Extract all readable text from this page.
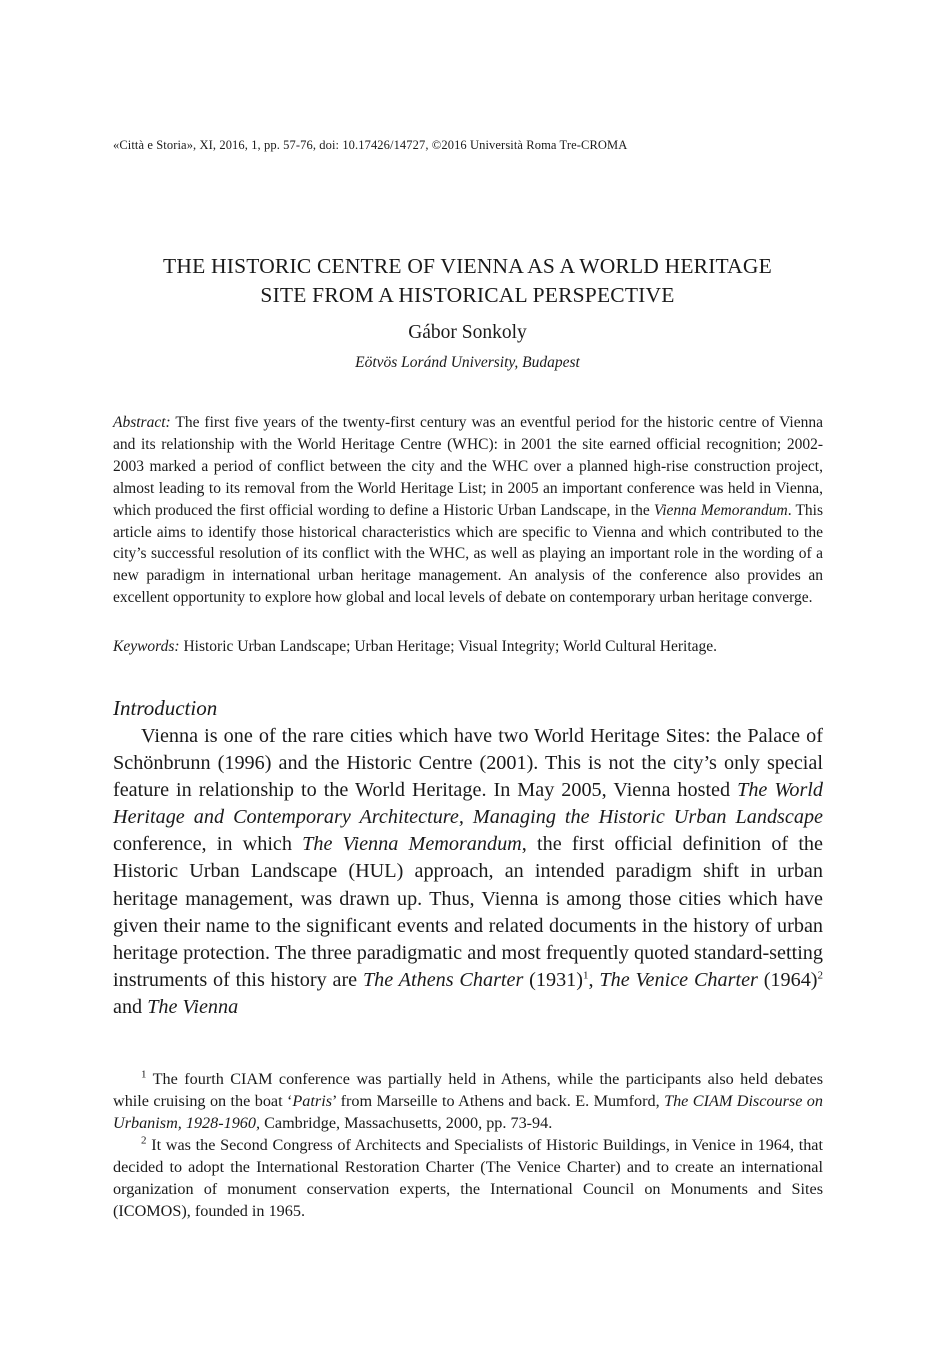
«Città e Storia», XI, 2016, 1, pp. 57-76, doi: 10.17426/14727, ©2016 Università Roma Tre-CROMA
THE HISTORIC CENTRE OF VIENNA AS A WORLD HERITAGE
SITE FROM A HISTORICAL PERSPECTIVE
Gábor Sonkoly
Eötvös Loránd University, Budapest
Abstract: The first five years of the twenty-first century was an eventful period for the historic centre of Vienna and its relationship with the World Heritage Centre (WHC): in 2001 the site earned official recognition; 2002-2003 marked a period of conflict between the city and the WHC over a planned high-rise construction project, almost leading to its removal from the World Heritage List; in 2005 an important conference was held in Vienna, which produced the first official wording to define a Historic Urban Landscape, in the Vienna Memorandum. This article aims to identify those historical characteristics which are specific to Vienna and which contributed to the city’s successful resolution of its conflict with the WHC, as well as playing an important role in the wording of a new paradigm in international urban heritage management. An analysis of the conference also provides an excellent opportunity to explore how global and local levels of debate on contemporary urban heritage converge.
Keywords: Historic Urban Landscape; Urban Heritage; Visual Integrity; World Cultural Heritage.
Introduction

Vienna is one of the rare cities which have two World Heritage Sites: the Palace of Schönbrunn (1996) and the Historic Centre (2001). This is not the city’s only special feature in relationship to the World Heritage. In May 2005, Vienna hosted The World Heritage and Contemporary Architecture, Managing the Historic Urban Landscape conference, in which The Vienna Memorandum, the first official definition of the Historic Urban Landscape (HUL) approach, an intended paradigm shift in urban heritage management, was drawn up. Thus, Vienna is among those cities which have given their name to the significant events and related documents in the history of urban heritage protection. The three paradigmatic and most frequently quoted standard-setting instruments of this history are The Athens Charter $(1931)^1$, The Venice Charter $(1964)^2$ and The Vienna

$^1$ The fourth CIAM conference was partially held in Athens, while the participants also held debates while cruising on the boat ‘Patris’ from Marseille to Athens and back. E. Mumford, The CIAM Discourse on Urbanism, 1928-1960, Cambridge, Massachusetts, 2000, pp. 73-94.

$^2$ It was the Second Congress of Architects and Specialists of Historic Buildings, in Venice in 1964, that decided to adopt the International Restoration Charter (The Venice Charter) and to create an international organization of monument conservation experts, the International Council on Monuments and Sites (ICOMOS), founded in 1965.
